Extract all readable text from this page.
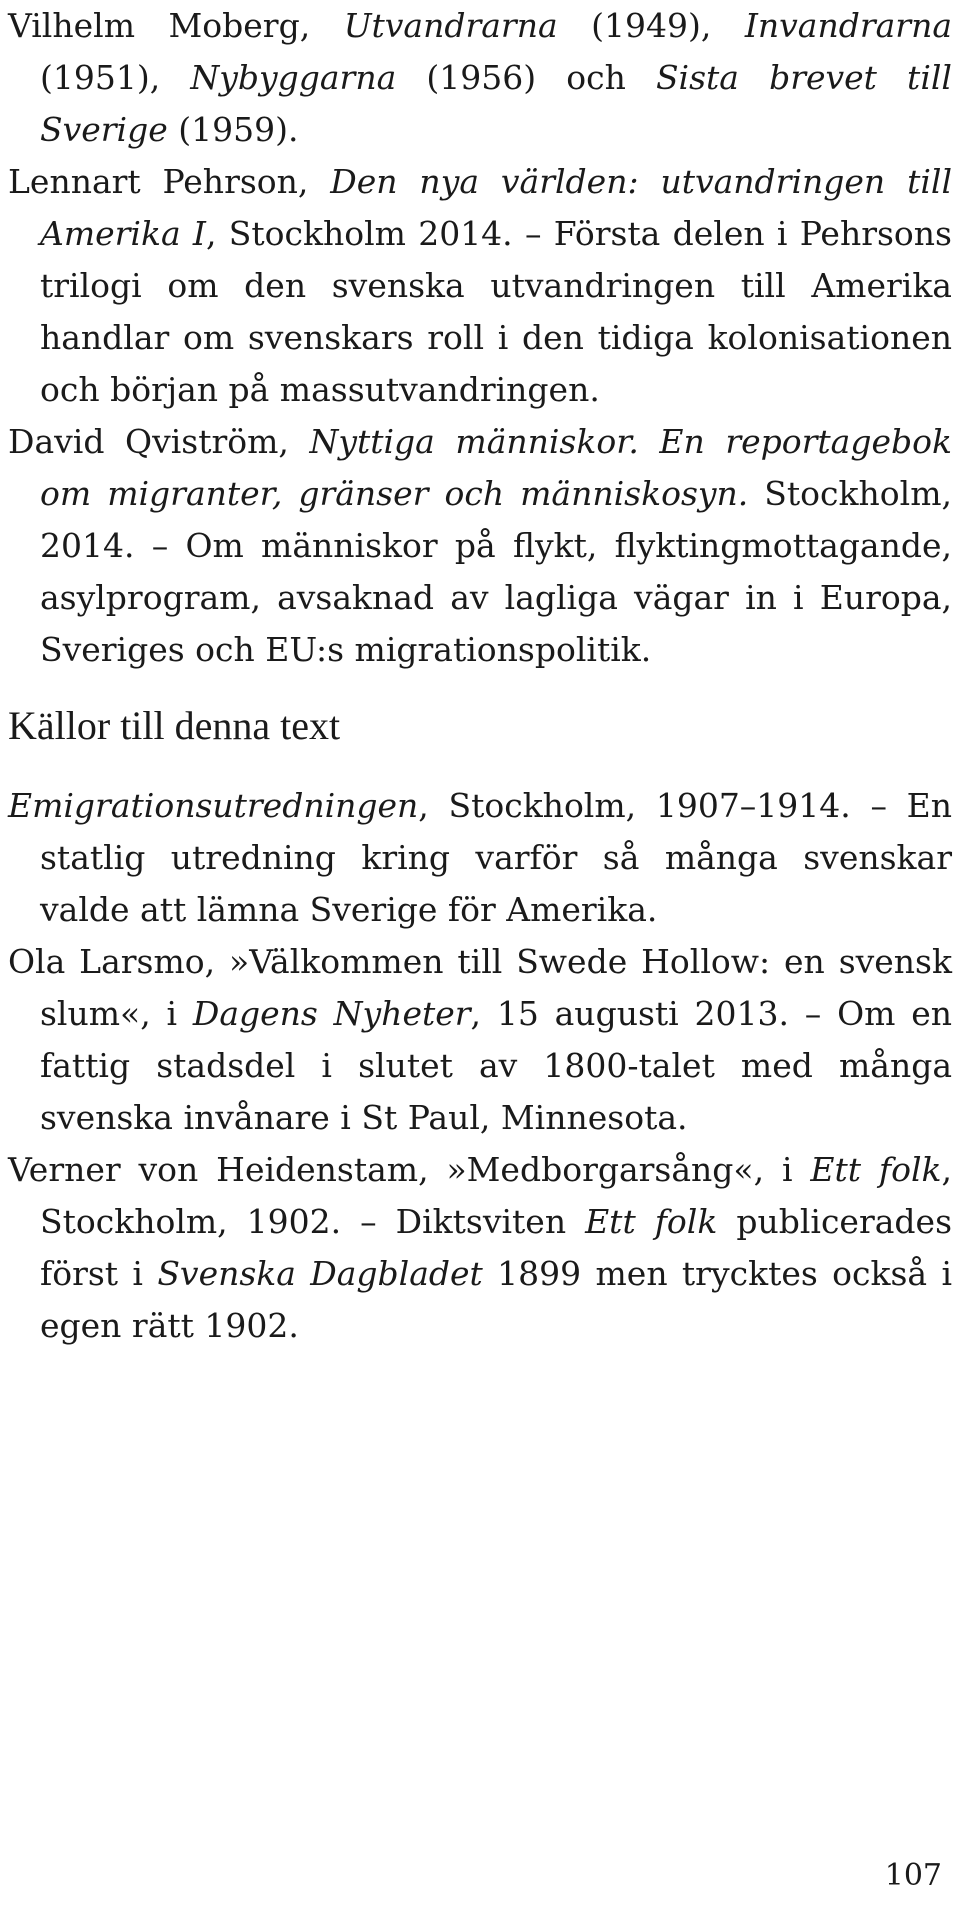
Vilhelm Moberg, Utvandrarna (1949), Invandrarna (1951), Nybyggarna (1956) och Sista brevet till Sverige (1959).

Lennart Pehrson, Den nya världen: utvandringen till Amerika I, Stockholm 2014. – Första delen i Pehrsons trilogi om den svenska utvandringen till Amerika handlar om svenskars roll i den tidiga kolonisationen och början på massutvandringen.

David Qviström, Nyttiga människor. En reportagebok om migranter, gränser och människosyn. Stockholm, 2014. – Om människor på flykt, flyktingmottagande, asylprogram, avsaknad av lagliga vägar in i Europa, Sveriges och EU:s migrationspolitik.

Källor till denna text

Emigrationsutredningen, Stockholm, 1907–1914. – En statlig utredning kring varför så många svenskar valde att lämna Sverige för Amerika.

Ola Larsmo, »Välkommen till Swede Hollow: en svensk slum«, i Dagens Nyheter, 15 augusti 2013. – Om en fattig stadsdel i slutet av 1800-talet med många svenska invånare i St Paul, Minnesota.

Verner von Heidenstam, »Medborgarsång«, i Ett folk, Stockholm, 1902. – Diktsviten Ett folk publicerades först i Svenska Dagbladet 1899 men trycktes också i egen rätt 1902.

107
